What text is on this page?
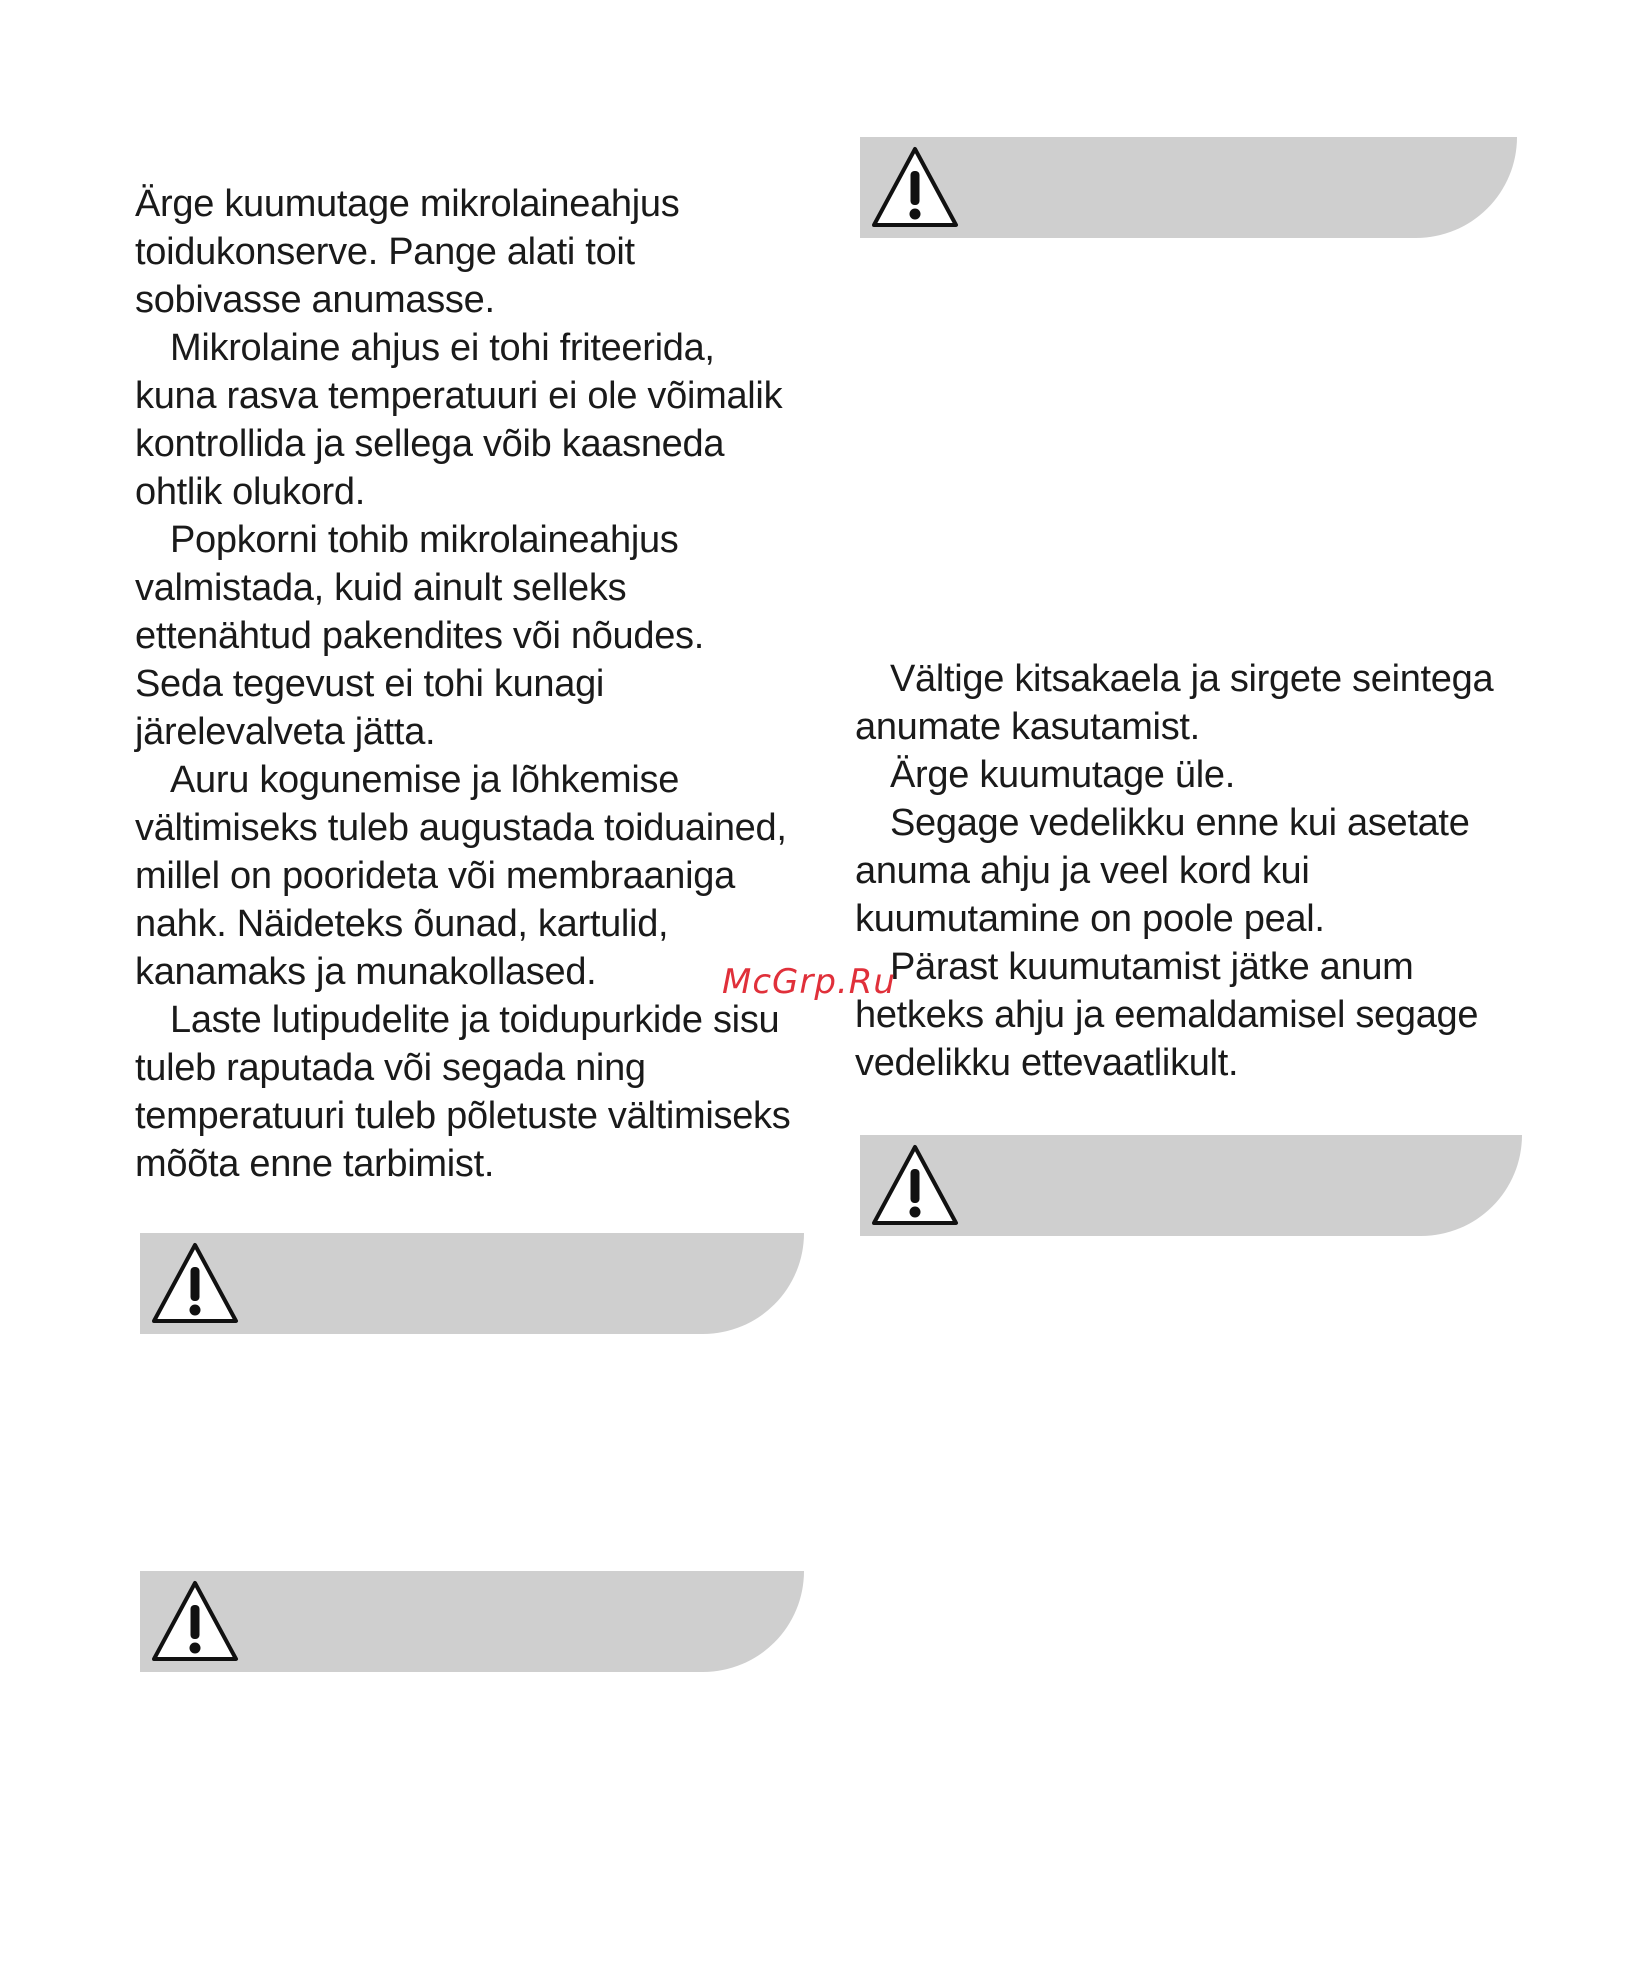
Ärge kuumutage mikrolaineahjus
toidukonserve. Pange alati toit
sobivasse anumasse.

Mikrolaine ahjus ei tohi friteerida,
kuna rasva temperatuuri ei ole võimalik
kontrollida ja sellega võib kaasneda
ohtlik olukord.

Popkorni tohib mikrolaineahjus
valmistada, kuid ainult selleks
ettenähtud pakendites või nõudes.
Seda tegevust ei tohi kunagi
järelevalveta jätta.

Auru kogunemise ja lõhkemise
vältimiseks tuleb augustada toiduained,
millel on poorideta või membraaniga
nahk. Näideteks õunad, kartulid,
kanamaks ja munakollased.

Laste lutipudelite ja toidupurkide sisu
tuleb raputada või segada ning
temperatuuri tuleb põletuste vältimiseks
mõõta enne tarbimist.

Vältige kitsakaela ja sirgete seintega
anumate kasutamist.

Ärge kuumutage üle.

Segage vedelikku enne kui asetate
anuma ahju ja veel kord kui
kuumutamine on poole peal.

Pärast kuumutamist jätke anum
hetkeks ahju ja eemaldamisel segage
vedelikku ettevaatlikult.

McGrp.Ru
